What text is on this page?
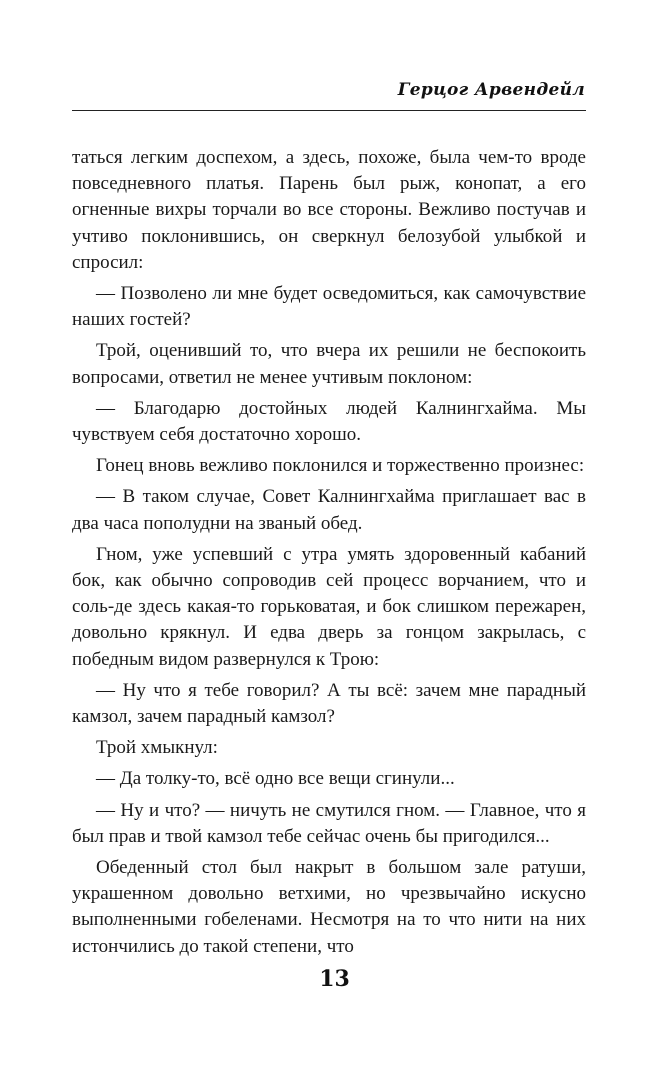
Герцог Арвендейл

таться легким доспехом, а здесь, похоже, была чем-то вроде повседневного платья. Парень был рыж, конопат, а его огненные вихры торчали во все стороны. Вежливо постучав и учтиво поклонившись, он сверкнул белозубой улыбкой и спросил:

— Позволено ли мне будет осведомиться, как самочувствие наших гостей?

Трой, оценивший то, что вчера их решили не беспокоить вопросами, ответил не менее учтивым поклоном:

— Благодарю достойных людей Калнингхайма. Мы чувствуем себя достаточно хорошо.

Гонец вновь вежливо поклонился и торжественно произнес:

— В таком случае, Совет Калнингхайма приглашает вас в два часа пополудни на званый обед.

Гном, уже успевший с утра умять здоровенный кабаний бок, как обычно сопроводив сей процесс ворчанием, что и соль-де здесь какая-то горьковатая, и бок слишком пережарен, довольно крякнул. И едва дверь за гонцом закрылась, с победным видом развернулся к Трою:

— Ну что я тебе говорил? А ты всё: зачем мне парадный камзол, зачем парадный камзол?

Трой хмыкнул:

— Да толку-то, всё одно все вещи сгинули...

— Ну и что? — ничуть не смутился гном. — Главное, что я был прав и твой камзол тебе сейчас очень бы пригодился...

Обеденный стол был накрыт в большом зале ратуши, украшенном довольно ветхими, но чрезвычайно искусно выполненными гобеленами. Несмотря на то что нити на них истончились до такой степени, что

13
